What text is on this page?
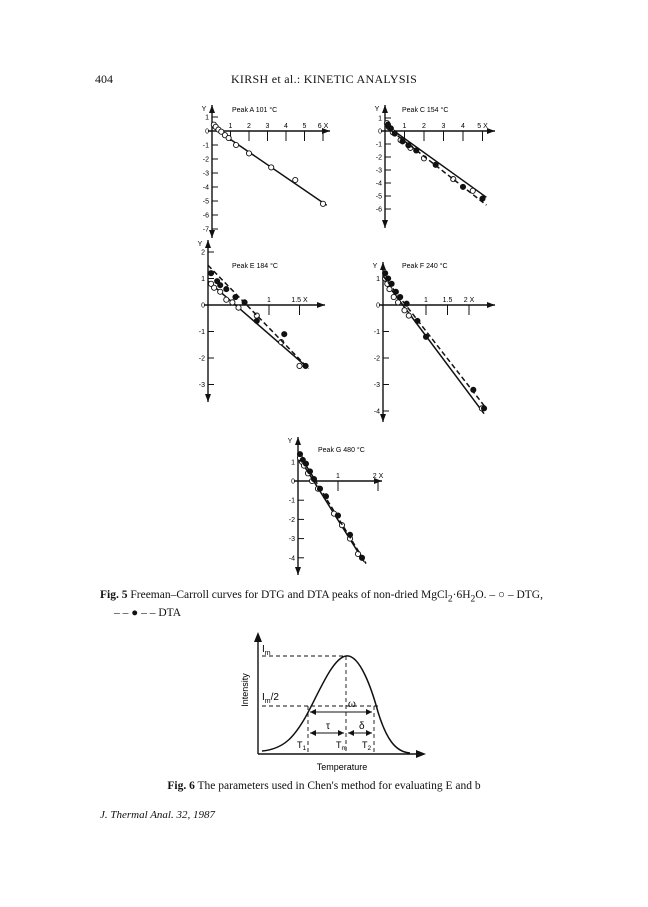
404	KIRSH et al.: KINETIC ANALYSIS
Y	Peak A 101 °C
1 2 3 4 5 6 X
1
0
-1
-2
-3
-4
-5
-6
-7
Y	Peak C 154 °C
1 2 3 4 5 X
1
0
-1
-2
-3
-4
-5
-6
Y
Peak E 184 °C
1	1.5 X
2
1
0
-1
-2
-3
Y	Peak F 240 °C
1 1.5 2 X
1
0
-1
-2
-3
-4
Y
Peak G 480 °C
1	2 X
1
0
-1
-2
-3
-4
Fig. 5 Freeman–Carroll curves for DTG and DTA peaks of non-dried $MgCl_2\cdot 6H_2O$. – ○ – DTG,
– – ● – – DTA
Intensity
$I_m$
$I_m/2$
ω
τ	δ
$T_1$	$T_m$ $T_2$
Temperature
Fig. 6 The parameters used in Chen's method for evaluating E and b
J. Thermal Anal. 32, 1987
